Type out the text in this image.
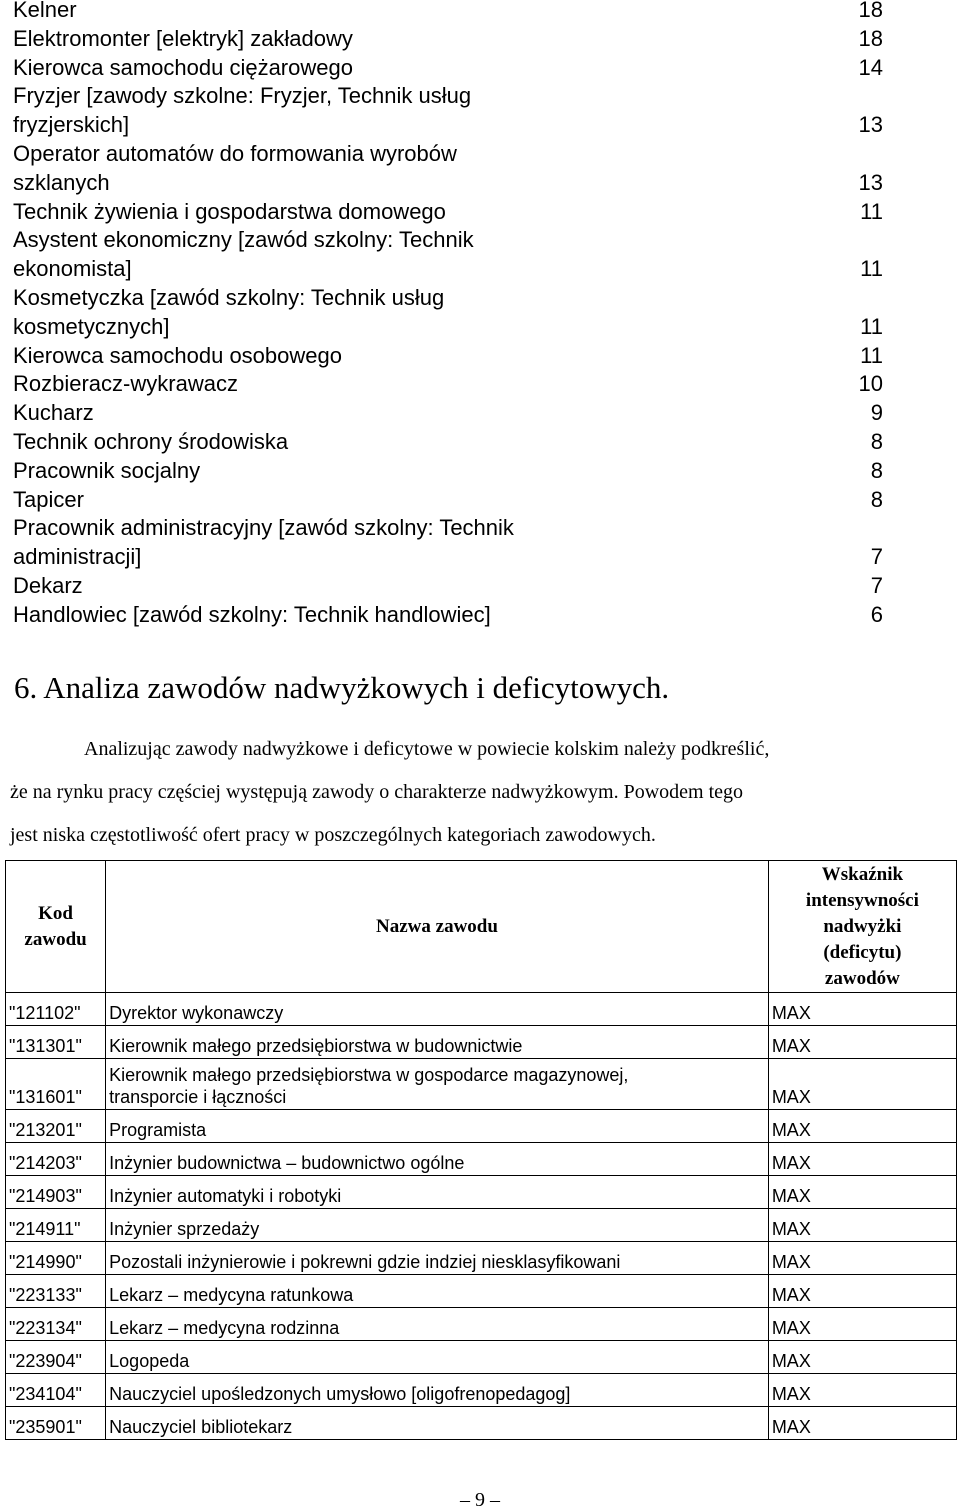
Kelner	18
Elektromonter [elektryk] zakładowy	18
Kierowca samochodu ciężarowego	14
Fryzjer [zawody szkolne: Fryzjer, Technik usług
fryzjerskich]	13
Operator automatów do formowania wyrobów
szklanych	13
Technik żywienia i gospodarstwa domowego	11
Asystent ekonomiczny [zawód szkolny: Technik
ekonomista]	11
Kosmetyczka [zawód szkolny: Technik usług
kosmetycznych]	11
Kierowca samochodu osobowego	11
Rozbieracz-wykrawacz	10
Kucharz	9
Technik ochrony środowiska	8
Pracownik socjalny	8
Tapicer	8
Pracownik administracyjny [zawód szkolny: Technik
administracji]	7
Dekarz	7
Handlowiec [zawód szkolny: Technik handlowiec]	6
6. Analiza zawodów nadwyżkowych i deficytowych.
Analizując zawody nadwyżkowe i deficytowe w powiecie kolskim należy podkreślić,
że na rynku pracy częściej występują zawody o charakterze nadwyżkowym. Powodem tego
jest niska częstotliwość ofert pracy w poszczególnych kategoriach zawodowych.
Kod
zawodu	Nazwa zawodu	Wskaźnik
intensywności
nadwyżki
(deficytu)
zawodów
"121102"	Dyrektor wykonawczy	MAX
"131301"	Kierownik małego przedsiębiorstwa w budownictwie	MAX
"131601"	Kierownik małego przedsiębiorstwa w gospodarce magazynowej,
transporcie i łączności	MAX
"213201"	Programista	MAX
"214203"	Inżynier budownictwa – budownictwo ogólne	MAX
"214903"	Inżynier automatyki i robotyki	MAX
"214911"	Inżynier sprzedaży	MAX
"214990"	Pozostali inżynierowie i pokrewni gdzie indziej niesklasyfikowani	MAX
"223133"	Lekarz – medycyna ratunkowa	MAX
"223134"	Lekarz – medycyna rodzinna	MAX
"223904"	Logopeda	MAX
"234104"	Nauczyciel upośledzonych umysłowo [oligofrenopedagog]	MAX
"235901"	Nauczyciel bibliotekarz	MAX
– 9 –
